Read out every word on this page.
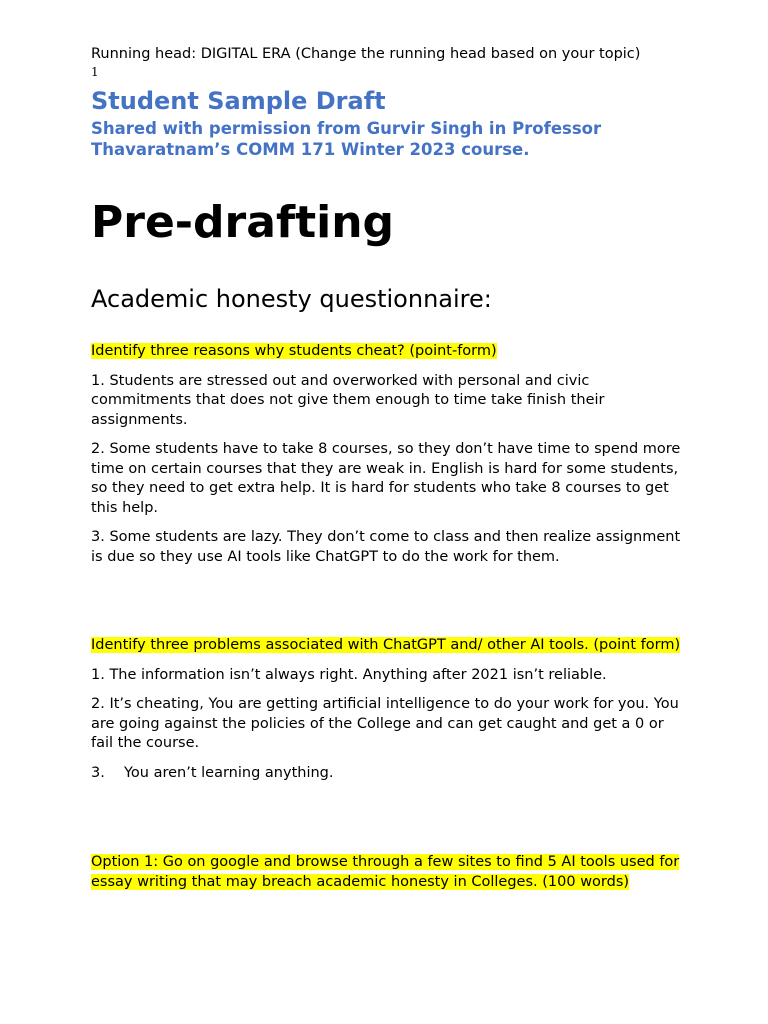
Running head: DIGITAL ERA (Change the running head based on your topic)

1

Student Sample Draft
Shared with permission from Gurvir Singh in Professor Thavaratnam’s COMM 171 Winter 2023 course.
Pre-drafting
Academic honesty questionnaire:

Identify three reasons why students cheat? (point-form)

1. Students are stressed out and overworked with personal and civic commitments that does not give them enough to time take finish their assignments.

2. Some students have to take 8 courses, so they don’t have time to spend more time on certain courses that they are weak in. English is hard for some students, so they need to get extra help. It is hard for students who take 8 courses to get this help.

3. Some students are lazy. They don’t come to class and then realize assignment is due so they use AI tools like ChatGPT to do the work for them.

Identify three problems associated with ChatGPT and/ other AI tools. (point form)

1. The information isn’t always right. Anything after 2021 isn’t reliable.

2. It’s cheating, You are getting artificial intelligence to do your work for you. You are going against the policies of the College and can get caught and get a 0 or fail the course.

3. You aren’t learning anything.

Option 1: Go on google and browse through a few sites to find 5 AI tools used for essay writing that may breach academic honesty in Colleges. (100 words)
